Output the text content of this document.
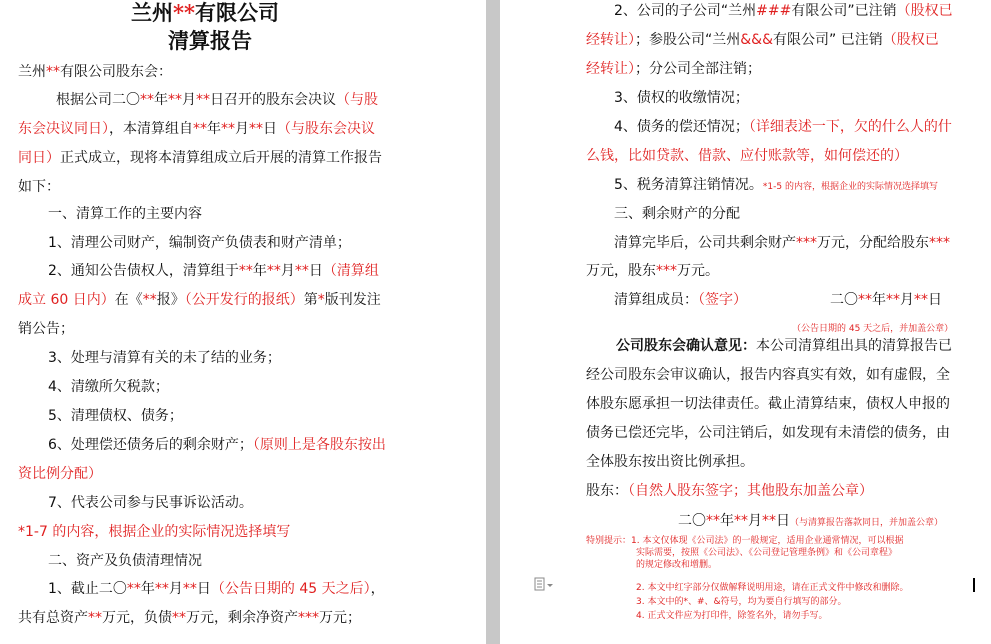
兰州**有限公司
清算报告
兰州**有限公司股东会：
根据公司二〇**年**月**日召开的股东会决议（与股
东会决议同日），本清算组自**年**月**日（与股东会决议
同日）正式成立，现将本清算组成立后开展的清算工作报告
如下：
一、清算工作的主要内容
1、清理公司财产，编制资产负债表和财产清单；
2、通知公告债权人，清算组于**年**月**日（清算组
成立 60 日内）在《**报》（公开发行的报纸）第*版刊发注
销公告；
3、处理与清算有关的未了结的业务；
4、清缴所欠税款；
5、清理债权、债务；
6、处理偿还债务后的剩余财产；（原则上是各股东按出
资比例分配）
7、代表公司参与民事诉讼活动。
*1-7 的内容，根据企业的实际情况选择填写
二、资产及负债清理情况
1、截止二〇**年**月**日（公告日期的 45 天之后），
共有总资产**万元，负债**万元，剩余净资产***万元；
2、公司的子公司“兰州###有限公司”已注销（股权已
经转让）；参股公司“兰州&&&有限公司” 已注销（股权已
经转让）；分公司全部注销；
3、债权的收缴情况；
4、债务的偿还情况；（详细表述一下，欠的什么人的什
么钱，比如贷款、借款、应付账款等，如何偿还的）
5、税务清算注销情况。*1-5 的内容，根据企业的实际情况选择填写
三、剩余财产的分配
清算完毕后，公司共剩余财产***万元，分配给股东***
万元，股东***万元。
清算组成员：（签字）	二〇**年**月**日
（公告日期的 45 天之后，并加盖公章）
公司股东会确认意见：本公司清算组出具的清算报告已
经公司股东会审议确认，报告内容真实有效，如有虚假，全
体股东愿承担一切法律责任。截止清算结束，债权人申报的
债务已偿还完毕，公司注销后，如发现有未清偿的债务，由
全体股东按出资比例承担。
股东：（自然人股东签字；其他股东加盖公章）
二〇**年**月**日（与清算报告落款同日，并加盖公章）
特别提示：1. 本文仅体现《公司法》的一般规定，适用企业通常情况，可以根据
实际需要，按照《公司法》、《公司登记管理条例》和《公司章程》
的规定修改和增删。
2. 本文中红字部分仅做解释说明用途，请在正式文件中修改和删除。
3. 本文中的*、#、&符号，均为要自行填写的部分。
4. 正式文件应为打印件，除签名外，请勿手写。
